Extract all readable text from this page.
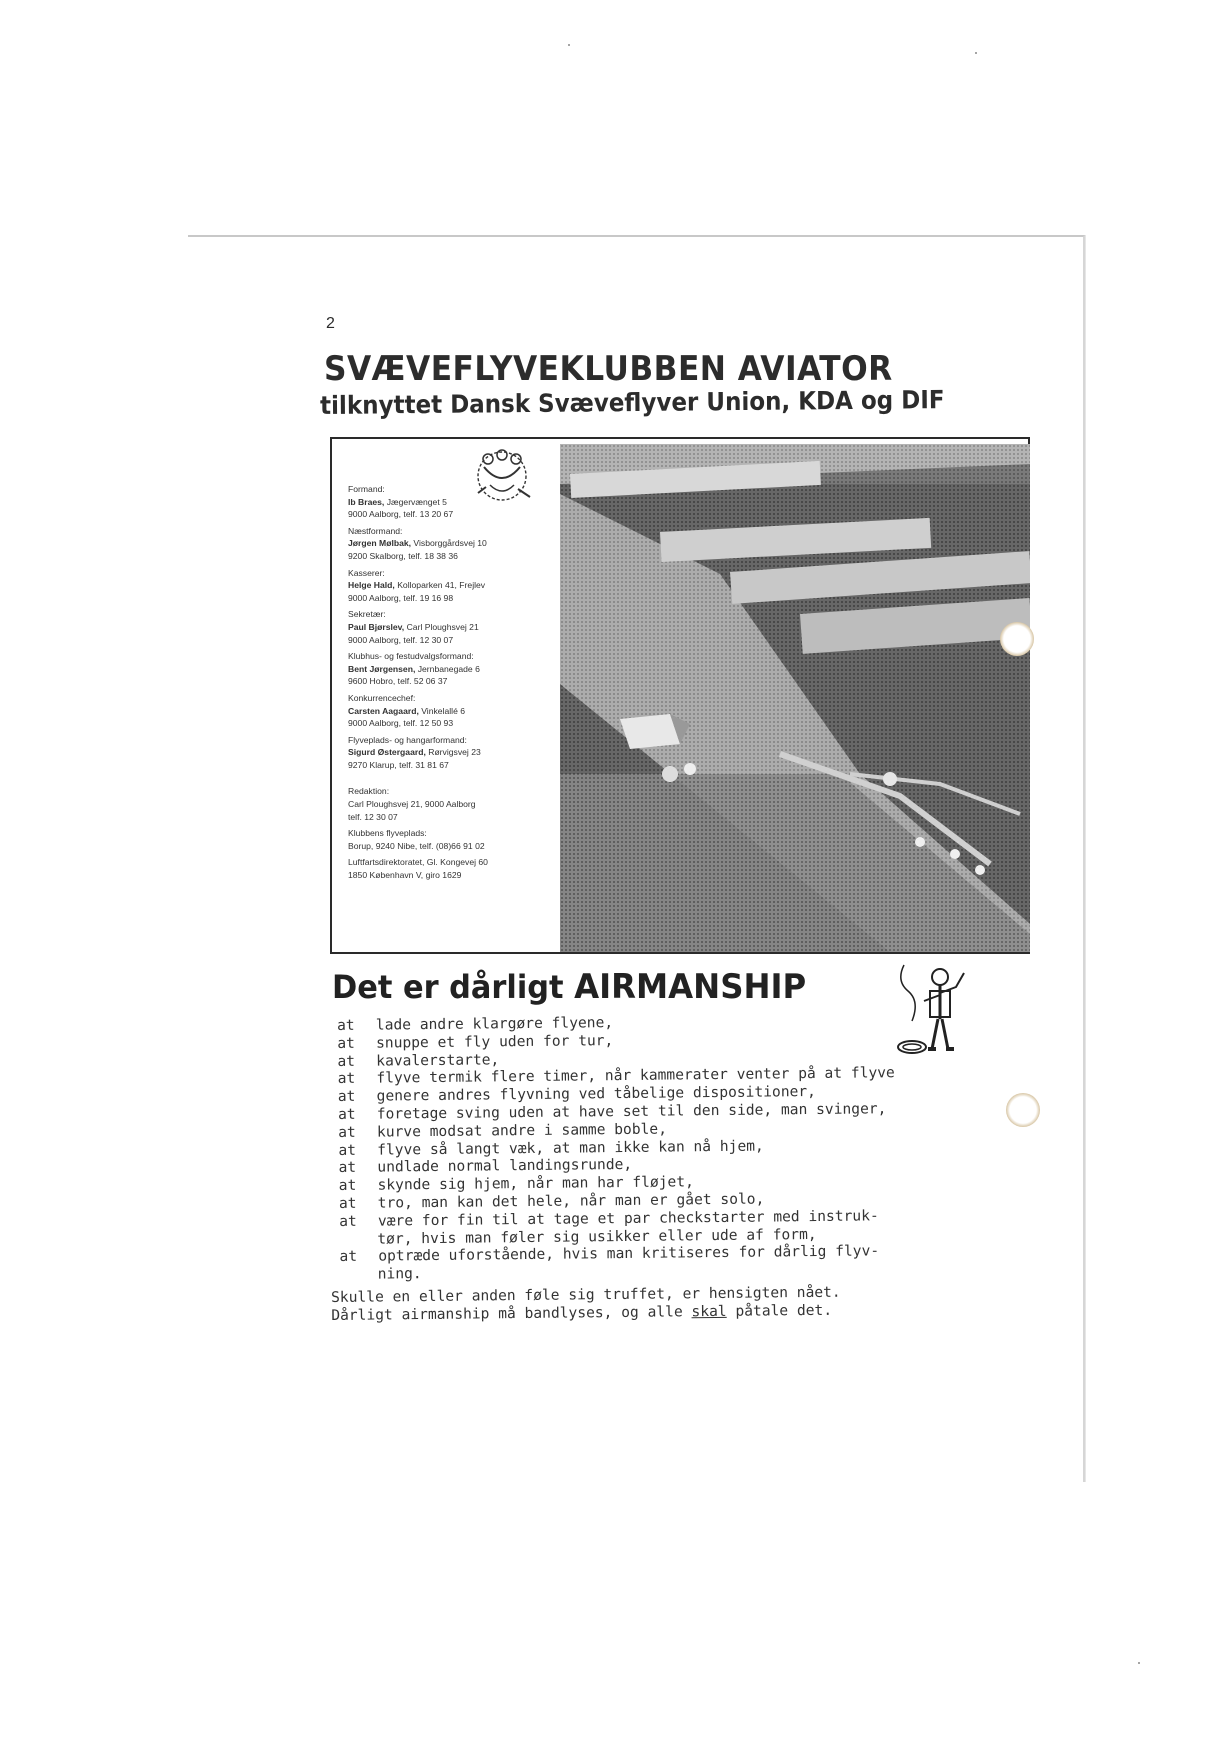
2
SVÆVEFLYVEKLUBBEN AVIATOR
tilknyttet Dansk Svæveflyver Union, KDA og DIF
Formand:
Ib Braes, Jægervænget 5
9000 Aalborg, telf. 13 20 67
Næstformand:
Jørgen Mølbak, Visborggårdsvej 10
9200 Skalborg, telf. 18 38 36
Kasserer:
Helge Hald, Kolloparken 41, Frejlev
9000 Aalborg, telf. 19 16 98
Sekretær:
Paul Bjørslev, Carl Ploughsvej 21
9000 Aalborg, telf. 12 30 07
Klubhus- og festudvalgsformand:
Bent Jørgensen, Jernbanegade 6
9600 Hobro, telf. 52 06 37
Konkurrencechef:
Carsten Aagaard, Vinkelallé 6
9000 Aalborg, telf. 12 50 93
Flyveplads- og hangarformand:
Sigurd Østergaard, Rørvigsvej 23
9270 Klarup, telf. 31 81 67
Redaktion:
Carl Ploughsvej 21, 9000 Aalborg
telf. 12 30 07
Klubbens flyveplads:
Borup, 9240 Nibe, telf. (08)66 91 02
Luftfartsdirektoratet, Gl. Kongevej 60
1850 København V, giro 1629
Det er dårligt AIRMANSHIP
at lade andre klargøre flyene,
at snuppe et fly uden for tur,
at kavalerstarte,
at flyve termik flere timer, når kammerater venter på at flyve
at genere andres flyvning ved tåbelige dispositioner,
at foretage sving uden at have set til den side, man svinger,
at kurve modsat andre i samme boble,
at flyve så langt væk, at man ikke kan nå hjem,
at undlade normal landingsrunde,
at skynde sig hjem, når man har fløjet,
at tro, man kan det hele, når man er gået solo,
at være for fin til at tage et par checkstarter med instruk-
tør, hvis man føler sig usikker eller ude af form,
at optræde uforstående, hvis man kritiseres for dårlig flyv-
ning.
Skulle en eller anden føle sig truffet, er hensigten nået.
Dårligt airmanship må bandlyses, og alle skal påtale det.
